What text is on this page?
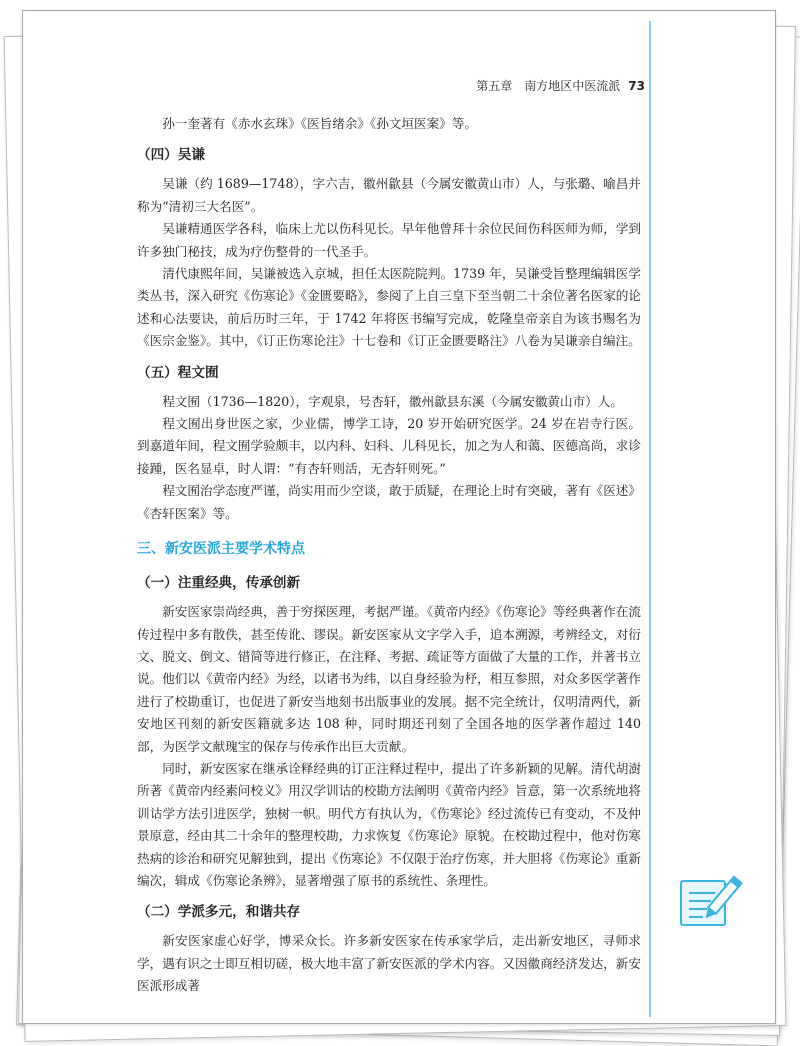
第五章　南方地区中医流派 73

孙一奎著有《赤水玄珠》《医旨绪余》《孙文垣医案》等。

（四）吴谦

吴谦（约 1689—1748），字六吉，徽州歙县（今属安徽黄山市）人，与张璐、喻昌并称为“清初三大名医”。

吴谦精通医学各科，临床上尤以伤科见长。早年他曾拜十余位民间伤科医师为师，学到许多独门秘技，成为疗伤整骨的一代圣手。

清代康熙年间，吴谦被选入京城，担任太医院院判。1739 年，吴谦受旨整理编辑医学类丛书，深入研究《伤寒论》《金匮要略》，参阅了上自三皇下至当朝二十余位著名医家的论述和心法要诀，前后历时三年，于 1742 年将医书编写完成，乾隆皇帝亲自为该书赐名为《医宗金鉴》。其中，《订正伤寒论注》十七卷和《订正金匮要略注》八卷为吴谦亲自编注。

（五）程文囿

程文囿（1736—1820），字观泉，号杏轩，徽州歙县东溪（今属安徽黄山市）人。

程文囿出身世医之家，少业儒，博学工诗，20 岁开始研究医学。24 岁在岩寺行医。到嘉道年间，程文囿学验颇丰，以内科、妇科、儿科见长，加之为人和蔼、医德高尚，求诊接踵，医名显卓，时人谓：“有杏轩则活，无杏轩则死。”

程文囿治学态度严谨，尚实用而少空谈，敢于质疑，在理论上时有突破，著有《医述》《杏轩医案》等。

三、新安医派主要学术特点
（一）注重经典，传承创新

新安医家崇尚经典，善于穷探医理，考据严谨。《黄帝内经》《伤寒论》等经典著作在流传过程中多有散佚，甚至传讹、谬误。新安医家从文字学入手，追本溯源，考辨经文，对衍文、脱文、倒文、错简等进行修正，在注释、考据、疏证等方面做了大量的工作，并著书立说。他们以《黄帝内经》为经，以诸书为纬，以自身经验为杼，相互参照，对众多医学著作进行了校勘重订，也促进了新安当地刻书出版事业的发展。据不完全统计，仅明清两代，新安地区刊刻的新安医籍就多达 108 种，同时期还刊刻了全国各地的医学著作超过 140 部，为医学文献瑰宝的保存与传承作出巨大贡献。

同时，新安医家在继承诠释经典的订正注释过程中，提出了许多新颖的见解。清代胡澍所著《黄帝内经素问校义》用汉学训诂的校勘方法阐明《黄帝内经》旨意，第一次系统地将训诂学方法引进医学，独树一帜。明代方有执认为，《伤寒论》经过流传已有变动，不及仲景原意，经由其二十余年的整理校勘，力求恢复《伤寒论》原貌。在校勘过程中，他对伤寒热病的诊治和研究见解独到，提出《伤寒论》不仅限于治疗伤寒，并大胆将《伤寒论》重新编次，辑成《伤寒论条辨》，显著增强了原书的系统性、条理性。

（二）学派多元，和谐共存

新安医家虚心好学，博采众长。许多新安医家在传承家学后，走出新安地区，寻师求学，遇有识之士即互相切磋，极大地丰富了新安医派的学术内容。又因徽商经济发达，新安医派形成著
